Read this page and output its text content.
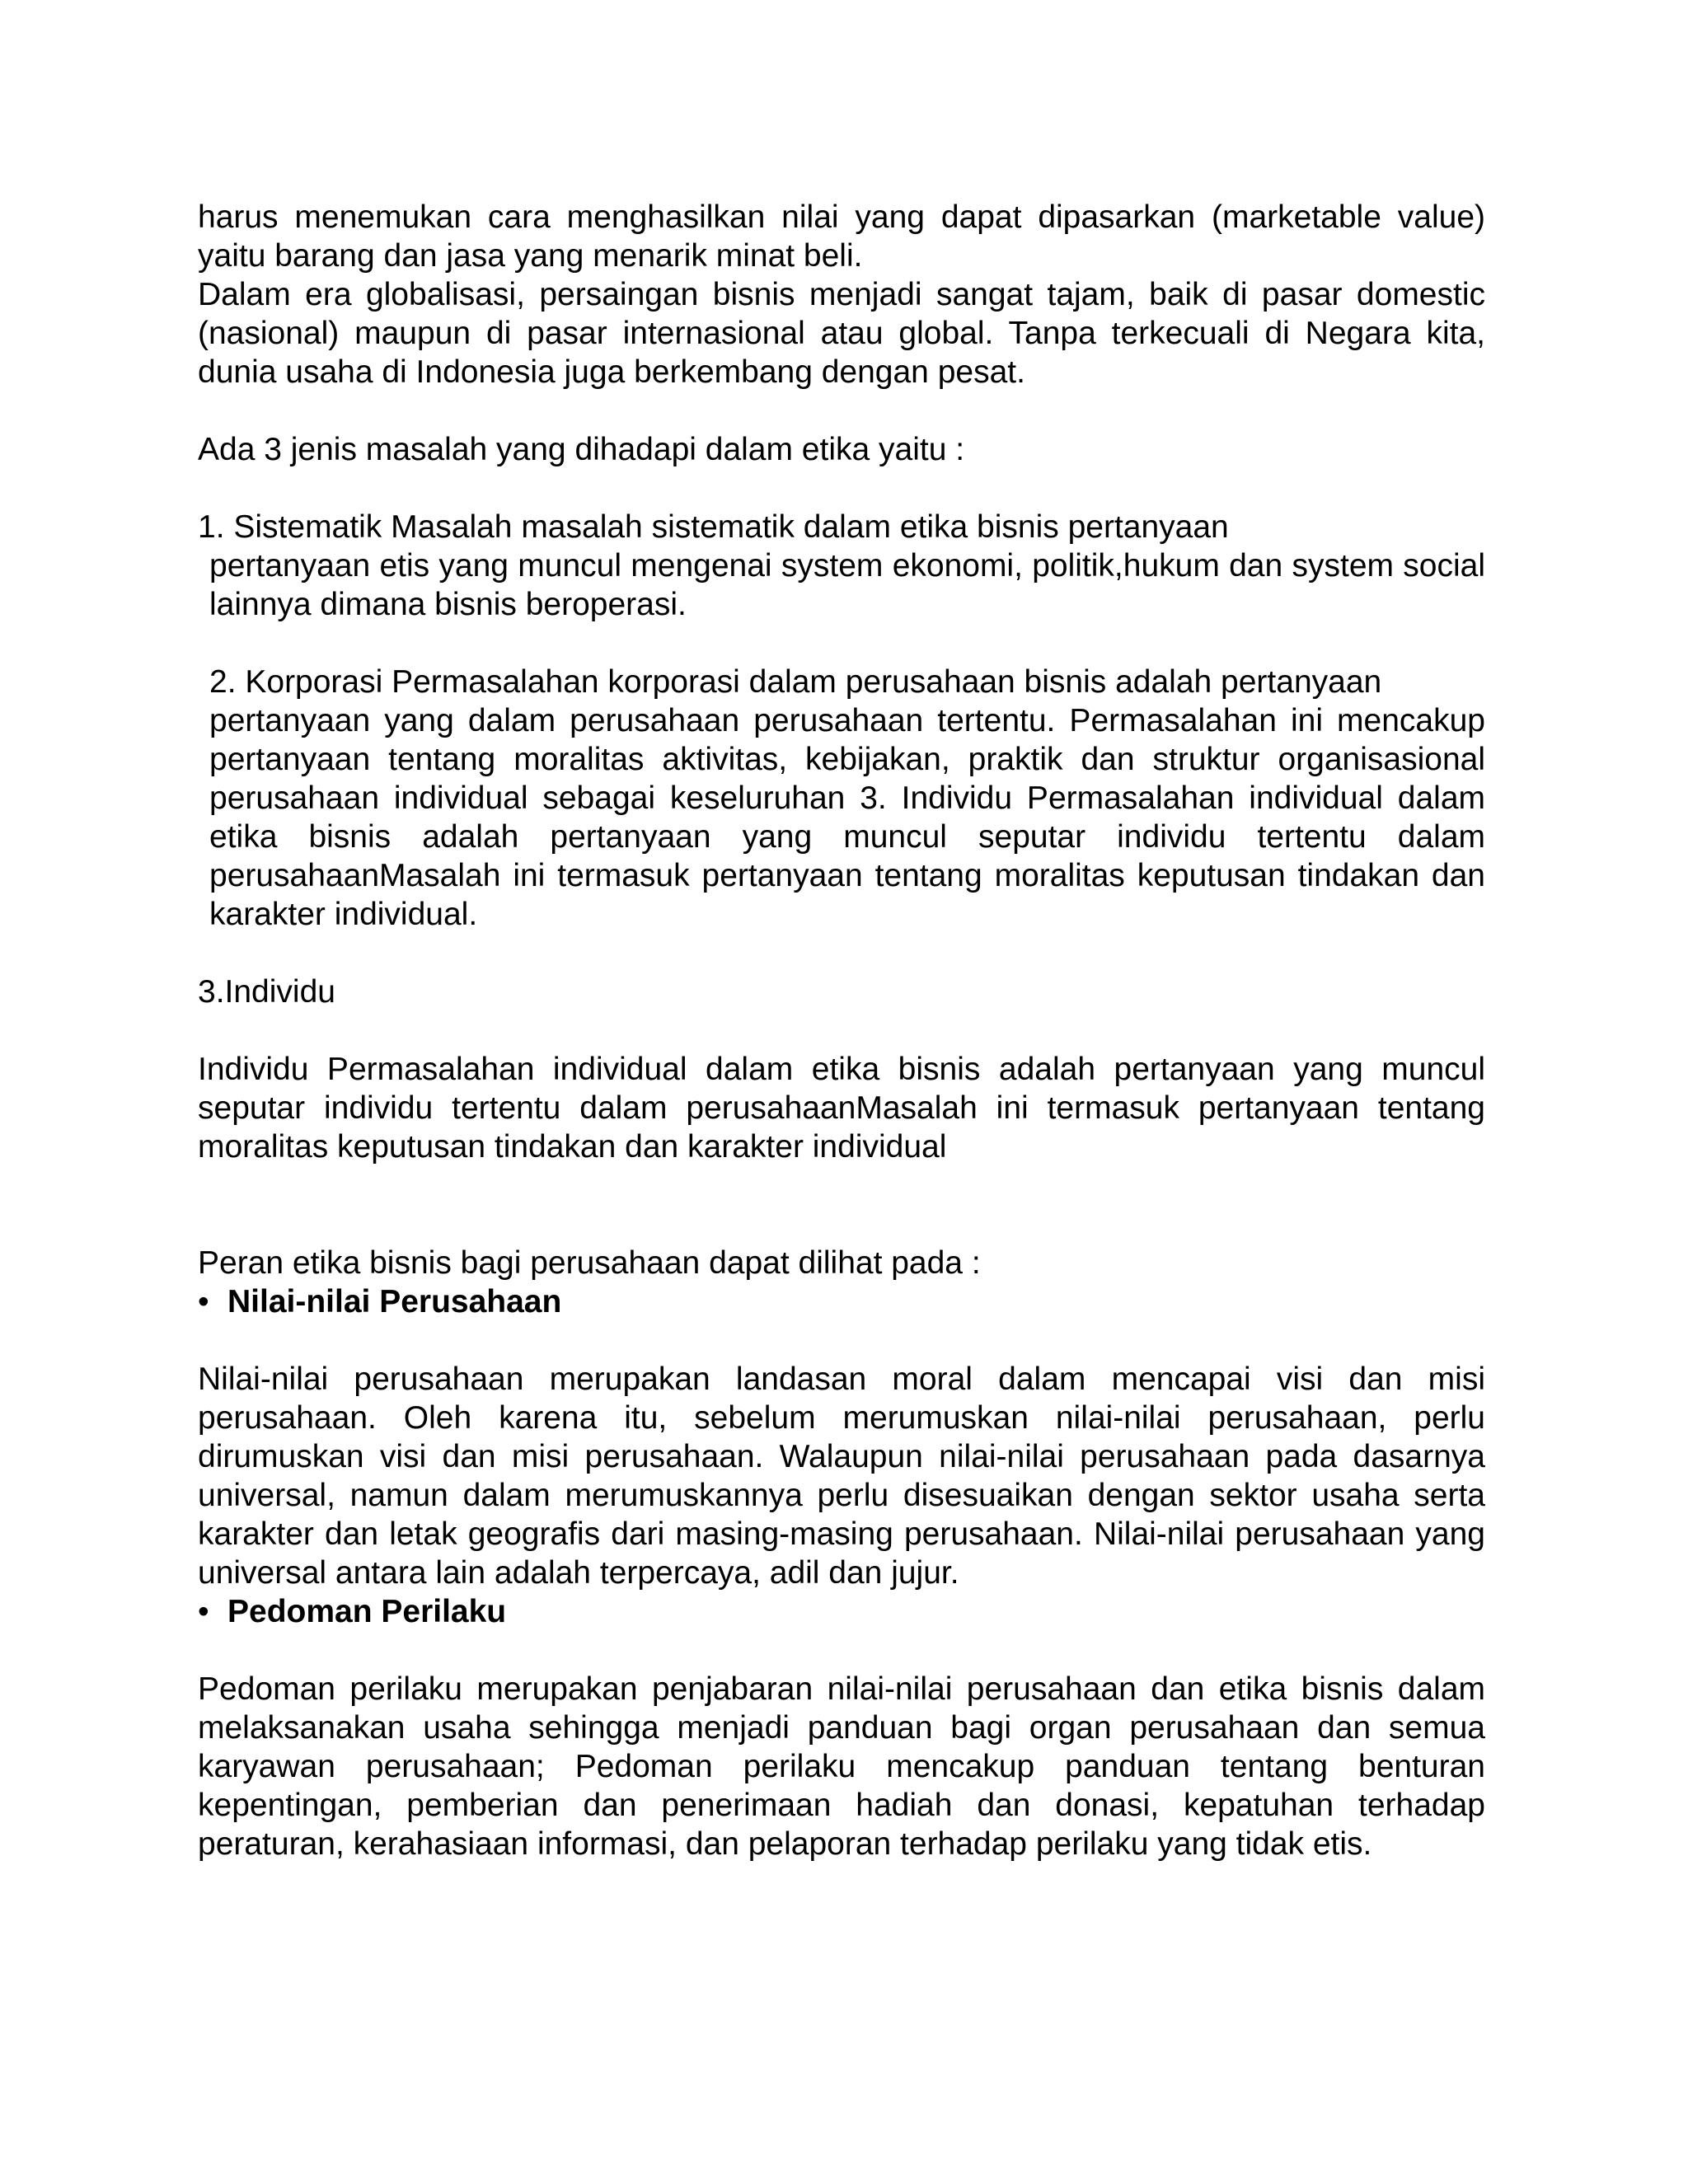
harus menemukan cara menghasilkan nilai yang dapat dipasarkan (marketable value) yaitu barang dan jasa yang menarik minat beli.

Dalam era globalisasi, persaingan bisnis menjadi sangat tajam, baik di pasar domestic (nasional) maupun di pasar internasional atau global. Tanpa terkecuali di Negara kita, dunia usaha di Indonesia juga berkembang dengan pesat.

Ada 3 jenis masalah yang dihadapi dalam etika yaitu :

1. Sistematik Masalah masalah sistematik dalam etika bisnis pertanyaan

pertanyaan etis yang muncul mengenai system ekonomi, politik,hukum dan system social lainnya dimana bisnis beroperasi.

2. Korporasi Permasalahan korporasi dalam perusahaan bisnis adalah pertanyaan

pertanyaan yang dalam perusahaan perusahaan tertentu. Permasalahan ini mencakup pertanyaan tentang moralitas aktivitas, kebijakan, praktik dan struktur organisasional perusahaan individual sebagai keseluruhan 3. Individu Permasalahan individual dalam etika bisnis adalah pertanyaan yang muncul seputar individu tertentu dalam perusahaanMasalah ini termasuk pertanyaan tentang moralitas keputusan tindakan dan karakter individual.

3.Individu

Individu Permasalahan individual dalam etika bisnis adalah pertanyaan yang muncul seputar individu tertentu dalam perusahaanMasalah ini termasuk pertanyaan tentang moralitas keputusan tindakan dan karakter individual

Peran etika bisnis bagi perusahaan dapat dilihat pada :

• Nilai-nilai Perusahaan

Nilai-nilai perusahaan merupakan landasan moral dalam mencapai visi dan misi perusahaan. Oleh karena itu, sebelum merumuskan nilai-nilai perusahaan, perlu dirumuskan visi dan misi perusahaan. Walaupun nilai-nilai perusahaan pada dasarnya universal, namun dalam merumuskannya perlu disesuaikan dengan sektor usaha serta karakter dan letak geografis dari masing-masing perusahaan. Nilai-nilai perusahaan yang universal antara lain adalah terpercaya, adil dan jujur.

• Pedoman Perilaku

Pedoman perilaku merupakan penjabaran nilai-nilai perusahaan dan etika bisnis dalam melaksanakan usaha sehingga menjadi panduan bagi organ perusahaan dan semua karyawan perusahaan; Pedoman perilaku mencakup panduan tentang benturan kepentingan, pemberian dan penerimaan hadiah dan donasi, kepatuhan terhadap peraturan, kerahasiaan informasi, dan pelaporan terhadap perilaku yang tidak etis.
